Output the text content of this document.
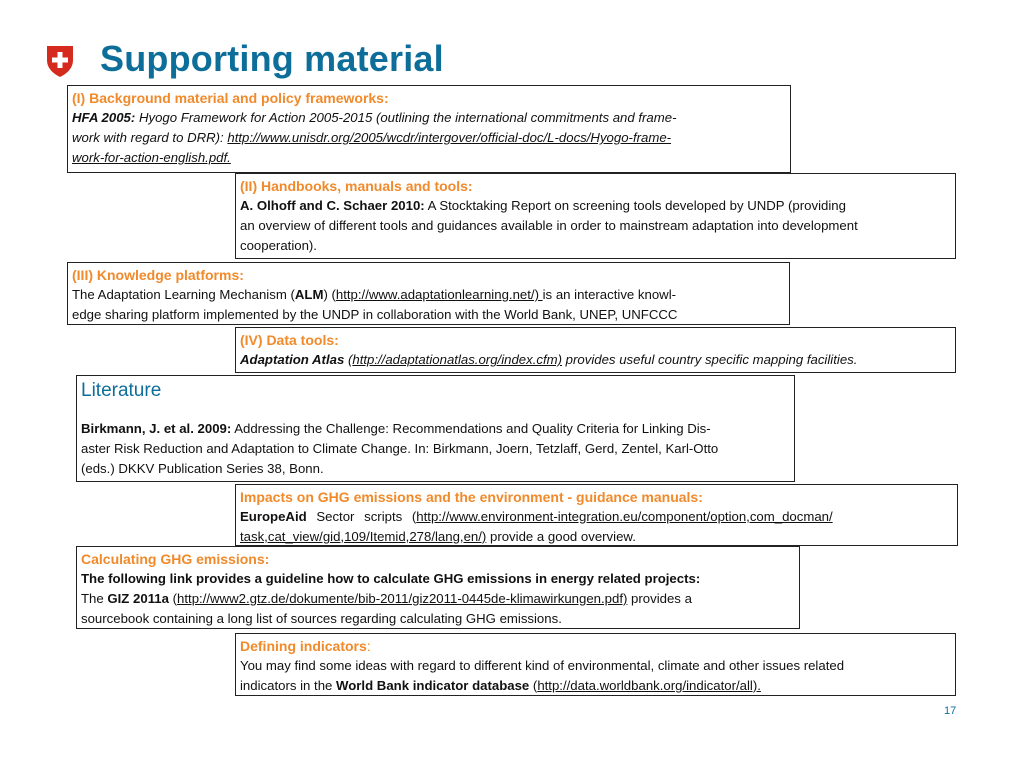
Supporting material
(I) Background material and policy frameworks:
HFA 2005: Hyogo Framework for Action 2005-2015 (outlining the international commitments and frame-
work with regard to DRR): http://www.unisdr.org/2005/wcdr/intergover/official-doc/L-docs/Hyogo-frame-
work-for-action-english.pdf.
(II) Handbooks, manuals and tools:
A. Olhoff and C. Schaer 2010: A Stocktaking Report on screening tools developed by UNDP (providing
an overview of different tools and guidances available in order to mainstream adaptation into development
cooperation).
(III) Knowledge platforms:
The Adaptation Learning Mechanism (ALM) (http://www.adaptationlearning.net/) is an interactive knowl-
edge sharing platform implemented by the UNDP in collaboration with the World Bank, UNEP, UNFCCC
(IV) Data tools:
Adaptation Atlas (http://adaptationatlas.org/index.cfm) provides useful country specific mapping facilities.
Literature
Birkmann, J. et al. 2009: Addressing the Challenge: Recommendations and Quality Criteria for Linking Dis-
aster Risk Reduction and Adaptation to Climate Change. In: Birkmann, Joern, Tetzlaff, Gerd, Zentel, Karl-Otto
(eds.) DKKV Publication Series 38, Bonn.
Impacts on GHG emissions and the environment - guidance manuals:
EuropeAid Sector scripts (http://www.environment-integration.eu/component/option,com_docman/
task,cat_view/gid,109/Itemid,278/lang,en/) provide a good overview.
Calculating GHG emissions:
The following link provides a guideline how to calculate GHG emissions in energy related projects:
The GIZ 2011a (http://www2.gtz.de/dokumente/bib-2011/giz2011-0445de-klimawirkungen.pdf) provides a
sourcebook containing a long list of sources regarding calculating GHG emissions.
Defining indicators:
You may find some ideas with regard to different kind of environmental, climate and other issues related
indicators in the World Bank indicator database (http://data.worldbank.org/indicator/all).
17
